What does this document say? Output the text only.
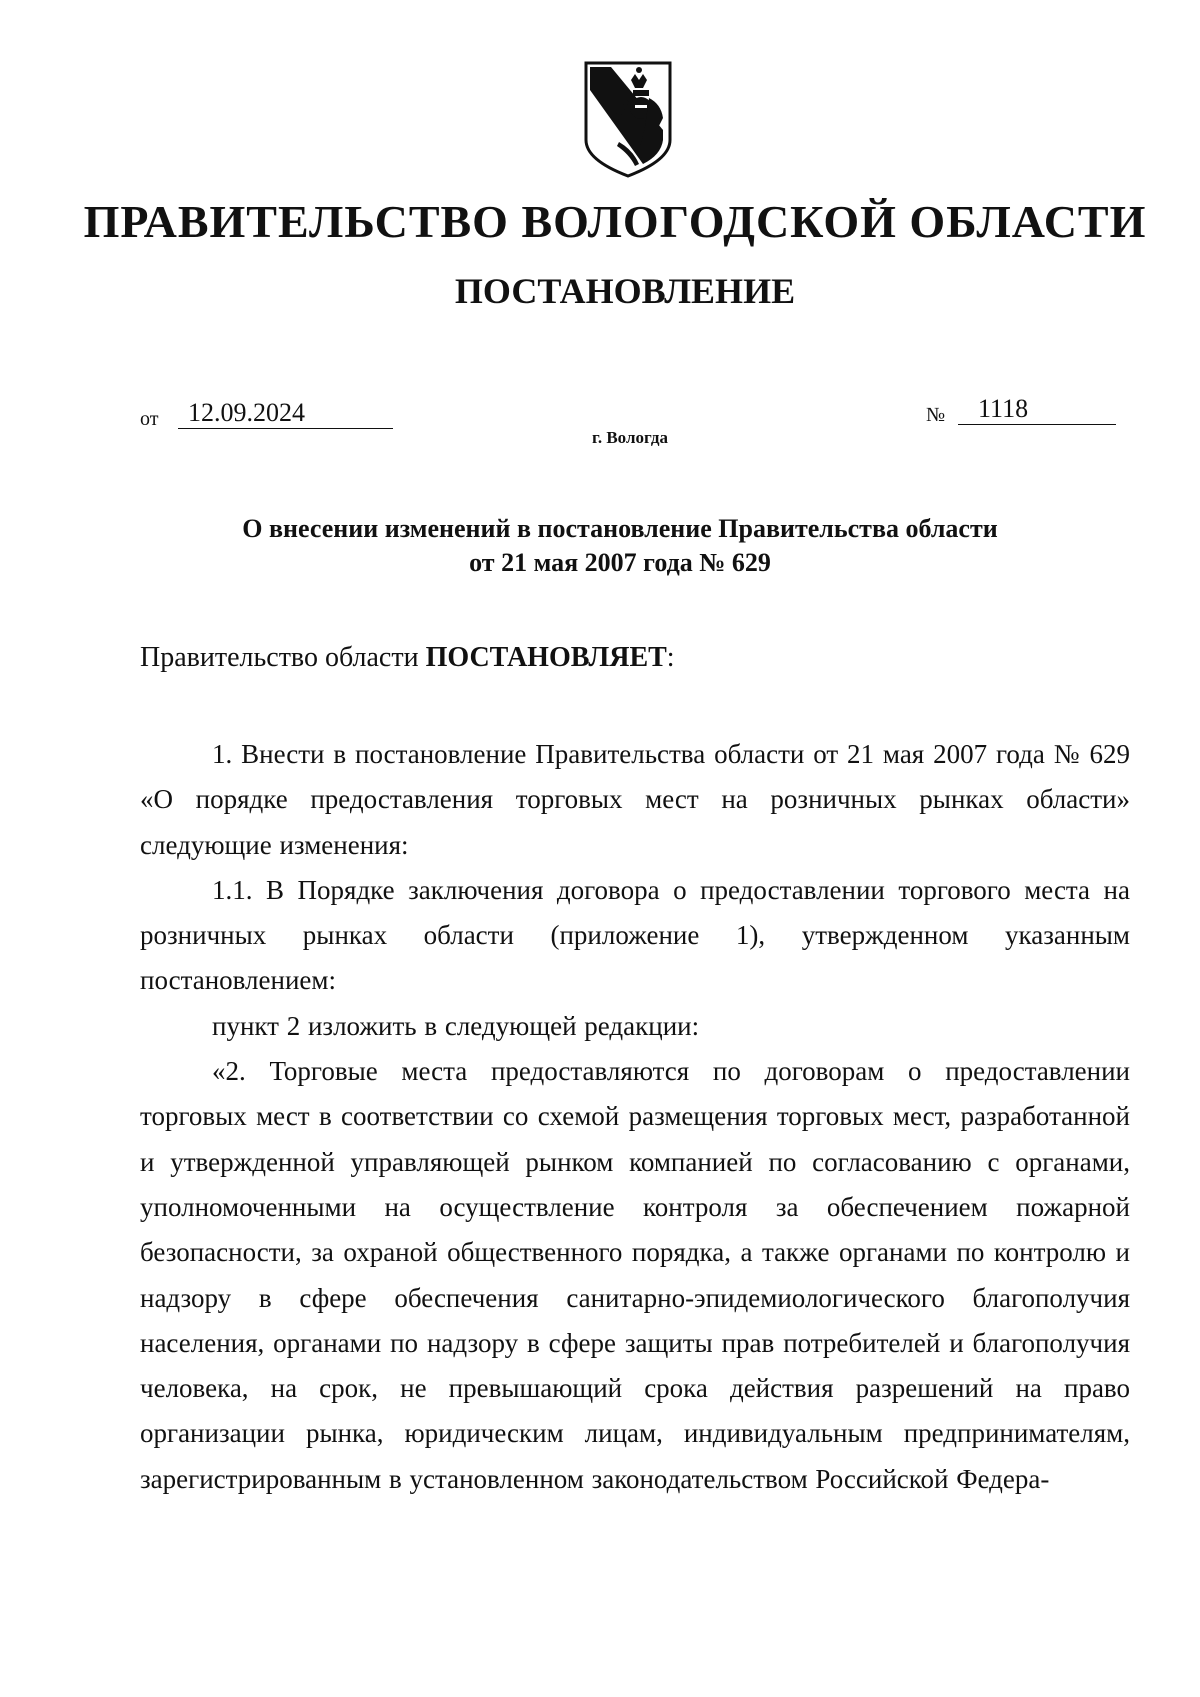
ПРАВИТЕЛЬСТВО ВОЛОГОДСКОЙ ОБЛАСТИ
ПОСТАНОВЛЕНИЕ
от	12.09.2024	№	1118
г. Вологда
О внесении изменений в постановление Правительства области
от 21 мая 2007 года № 629
Правительство области ПОСТАНОВЛЯЕТ:

1. Внести в постановление Правительства области от 21 мая 2007 года № 629 «О порядке предоставления торговых мест на розничных рынках области» следующие изменения:

1.1. В Порядке заключения договора о предоставлении торгового места на розничных рынках области (приложение 1), утвержденном указанным постановлением:

пункт 2 изложить в следующей редакции:

«2. Торговые места предоставляются по договорам о предоставлении торговых мест в соответствии со схемой размещения торговых мест, разработанной и утвержденной управляющей рынком компанией по согласованию с органами, уполномоченными на осуществление контроля за обеспечением пожарной безопасности, за охраной общественного порядка, а также органами по контролю и надзору в сфере обеспечения санитарно-эпидемиологического благополучия населения, органами по надзору в сфере защиты прав потребителей и благополучия человека, на срок, не превышающий срока действия разрешений на право организации рынка, юридическим лицам, индивидуальным предпринимателям, зарегистрированным в установленном законодательством Российской Федера-
